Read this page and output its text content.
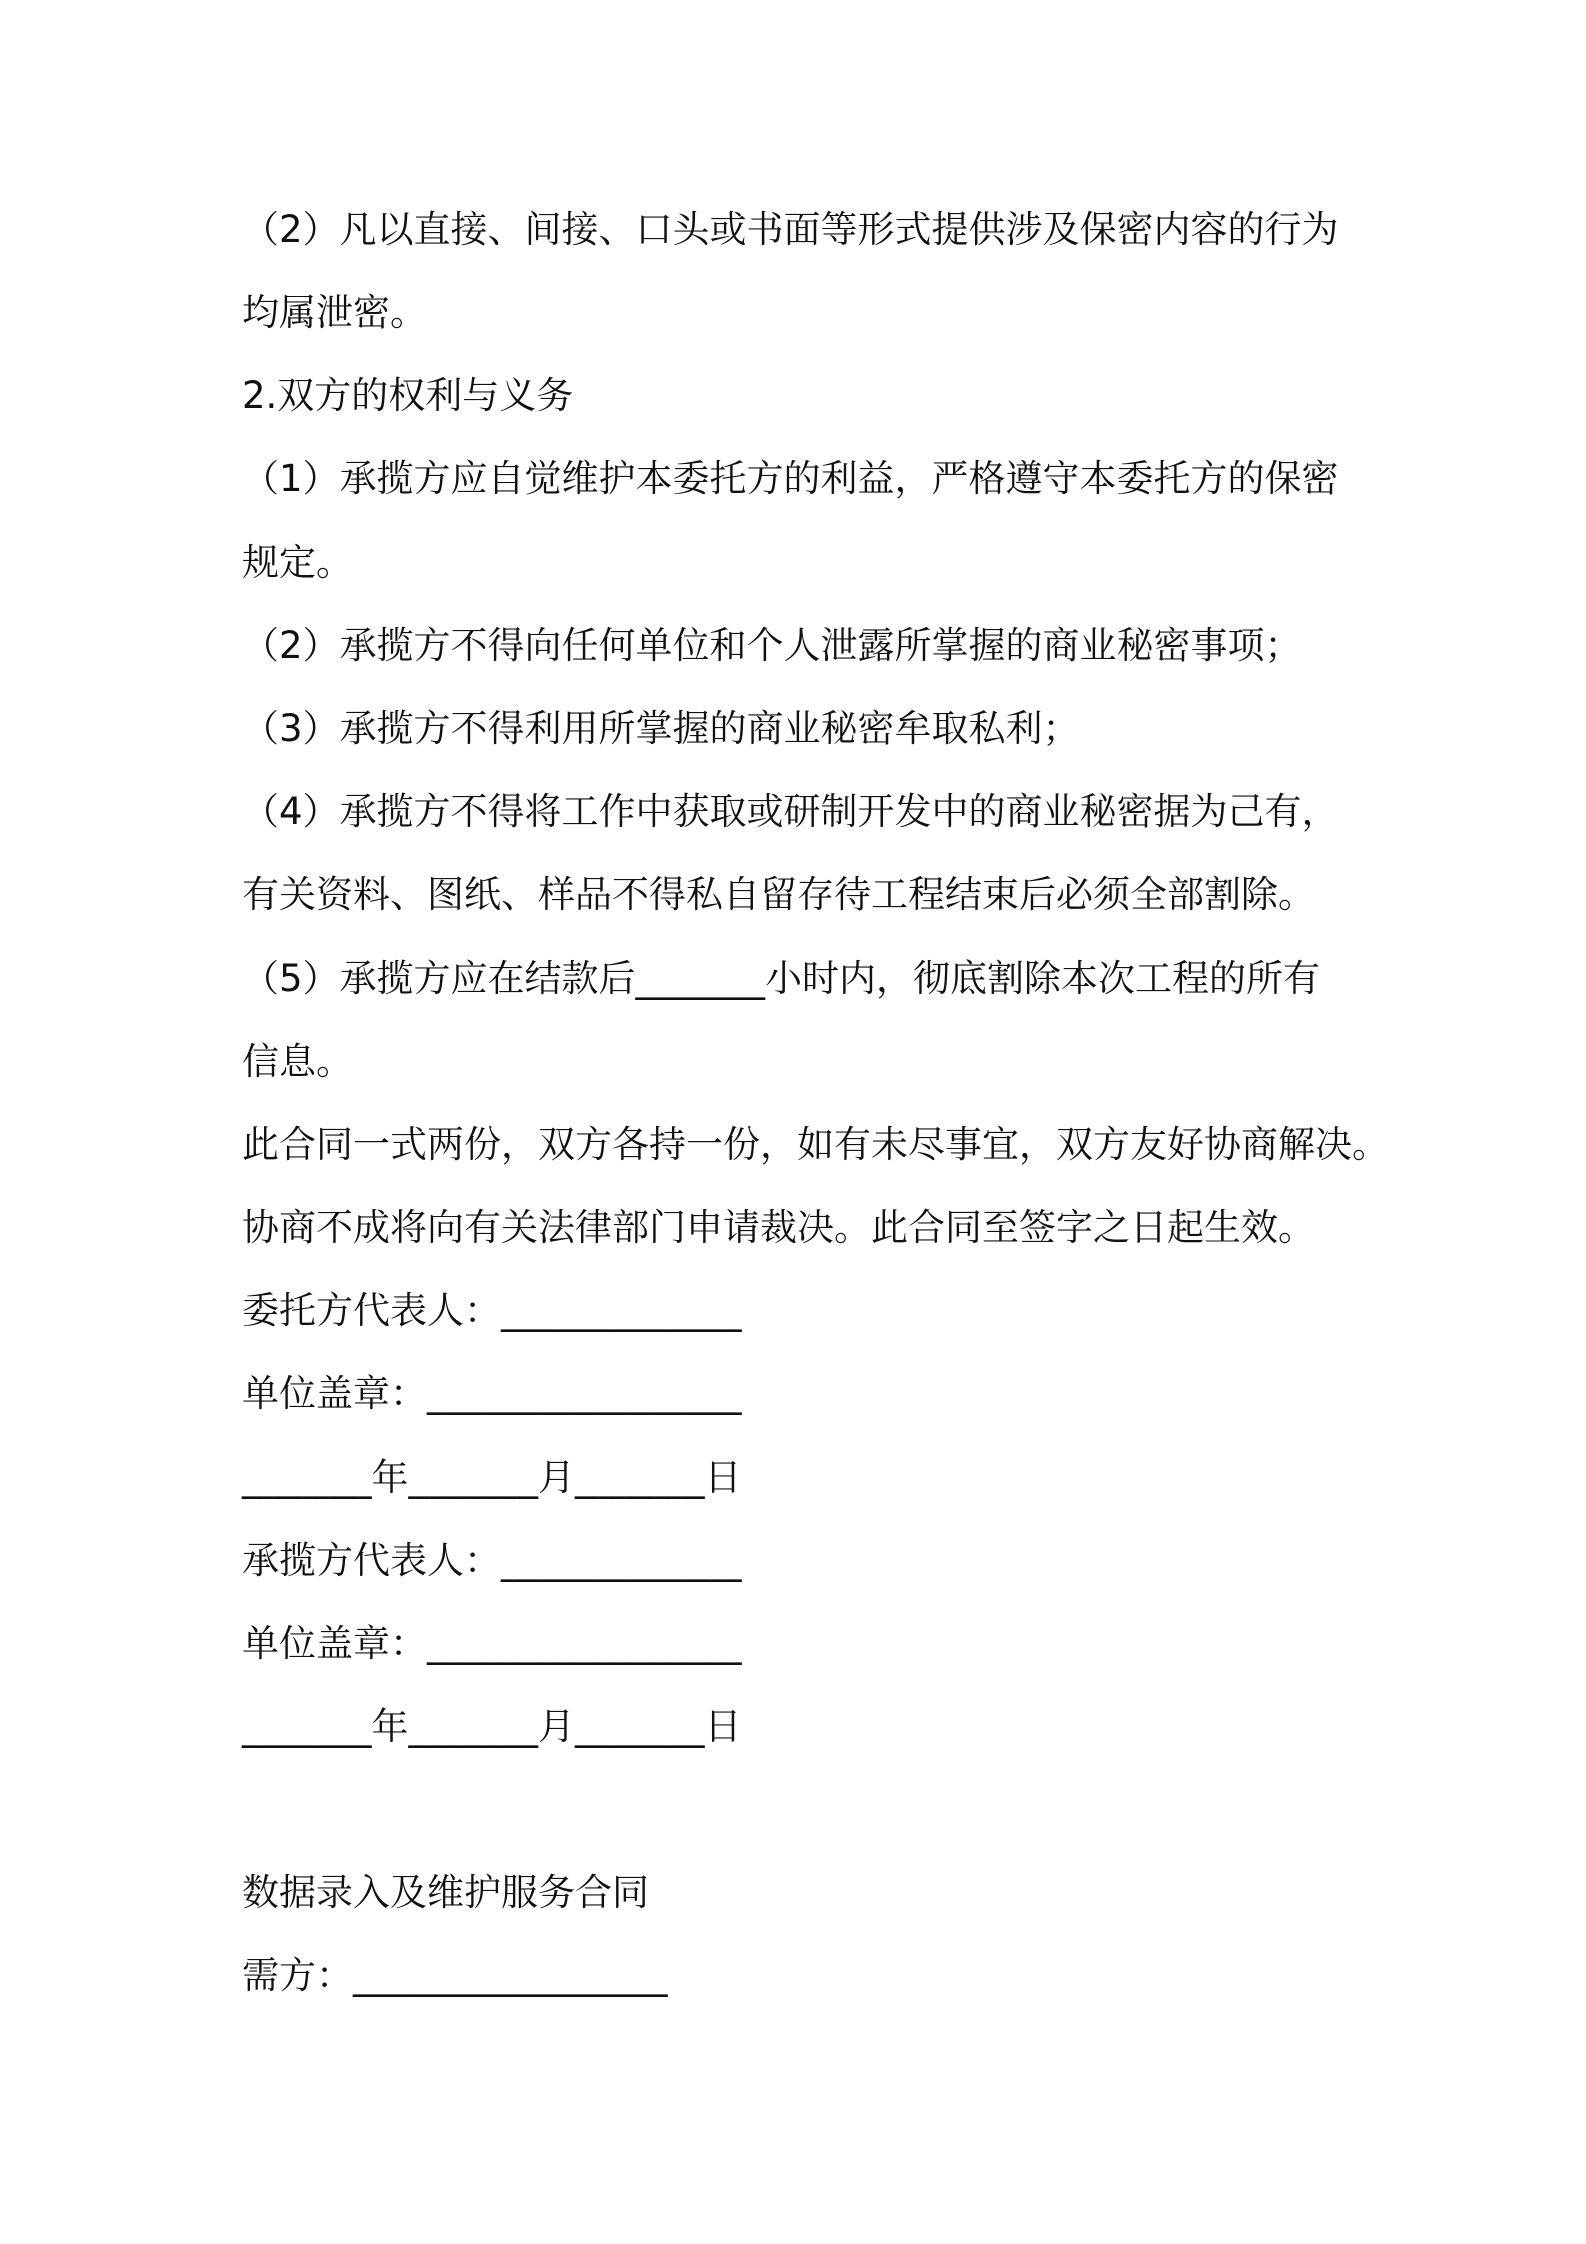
（2）凡以直接、间接、口头或书面等形式提供涉及保密内容的行为
均属泄密。
2.双方的权利与义务
（1）承揽方应自觉维护本委托方的利益，严格遵守本委托方的保密
规定。
（2）承揽方不得向任何单位和个人泄露所掌握的商业秘密事项；
（3）承揽方不得利用所掌握的商业秘密牟取私利；
（4）承揽方不得将工作中获取或研制开发中的商业秘密据为己有，
有关资料、图纸、样品不得私自留存待工程结束后必须全部割除。
（5）承揽方应在结款后_______小时内，彻底割除本次工程的所有
信息。
此合同一式两份，双方各持一份，如有未尽事宜，双方友好协商解决。
协商不成将向有关法律部门申请裁决。此合同至签字之日起生效。
委托方代表人：_____________
单位盖章：_________________
_______年_______月_______日
承揽方代表人：_____________
单位盖章：_________________
_______年_______月_______日
数据录入及维护服务合同
需方：_________________
